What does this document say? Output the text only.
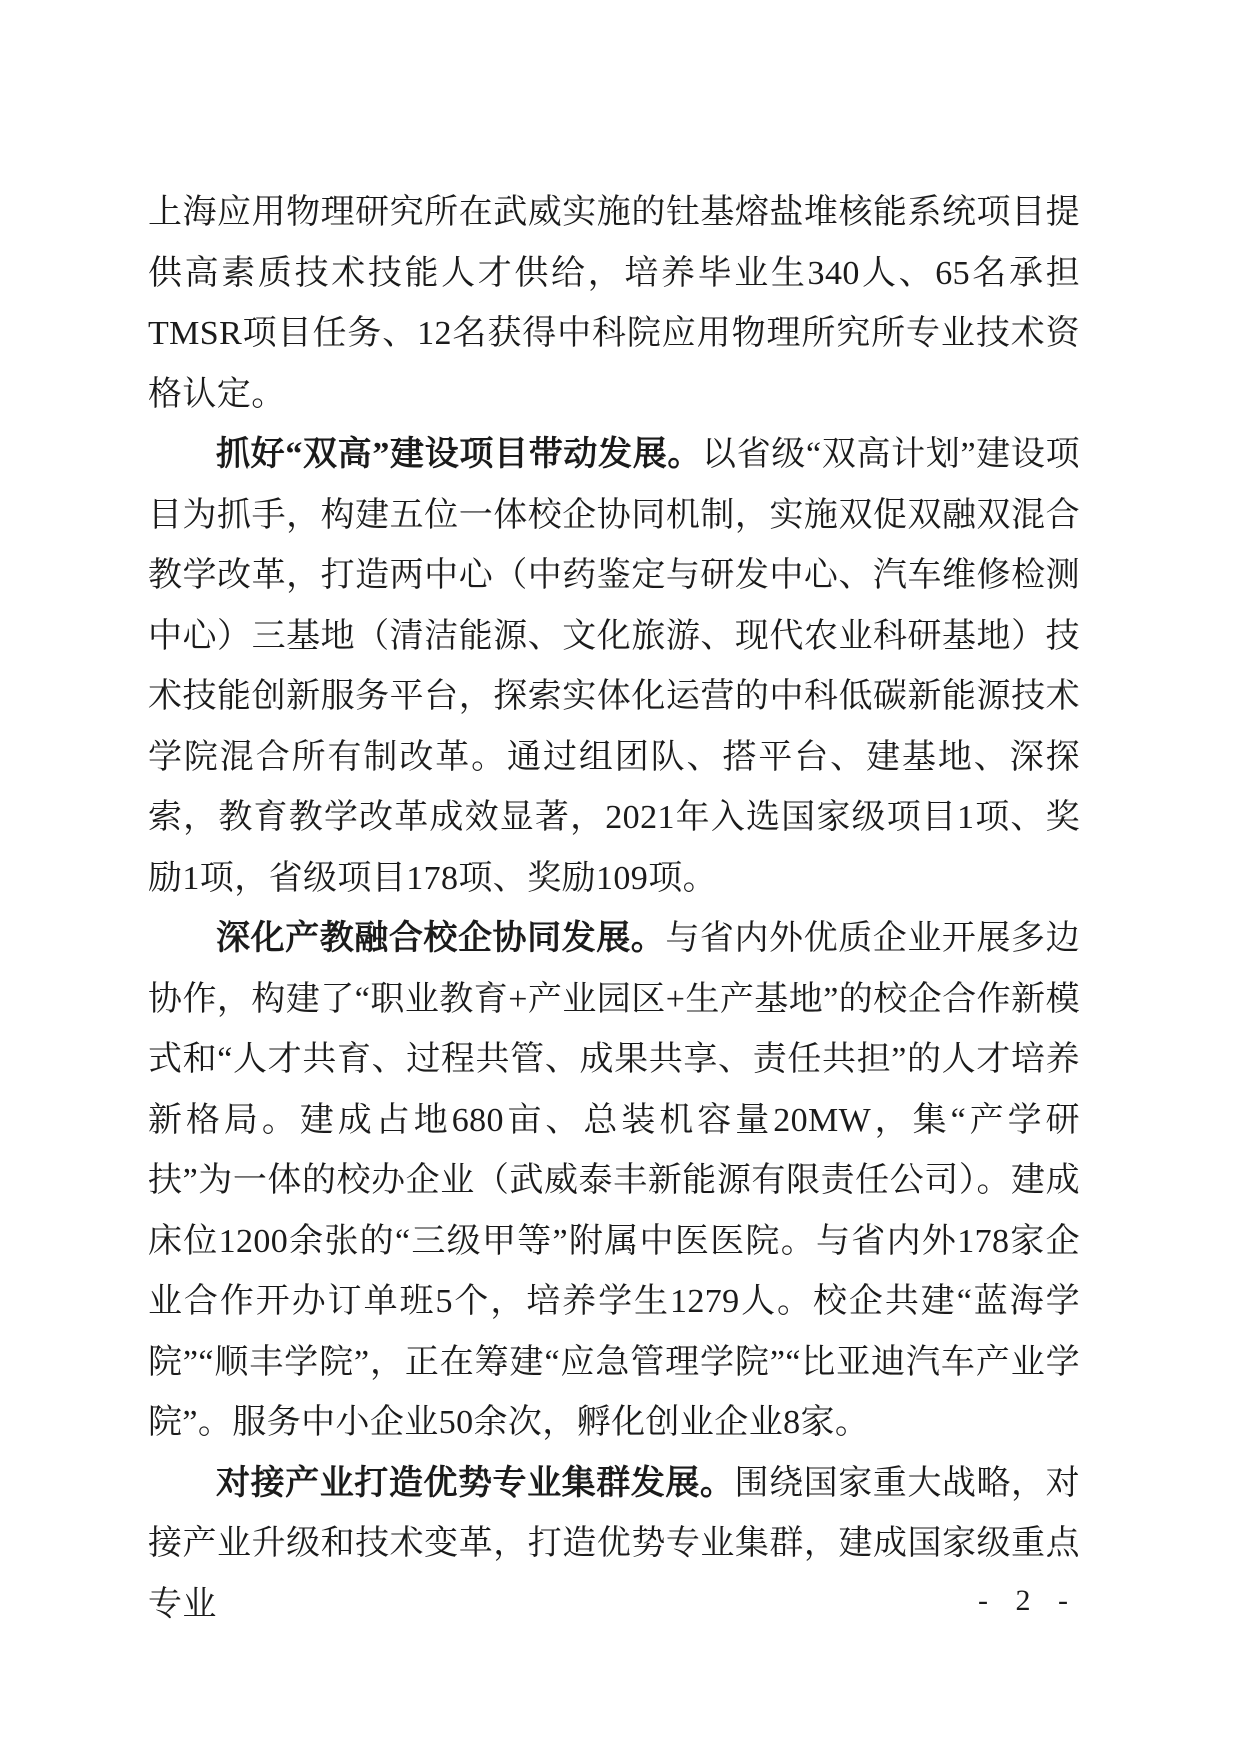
上海应用物理研究所在武威实施的钍基熔盐堆核能系统项目提供高素质技术技能人才供给，培养毕业生340人、65名承担TMSR项目任务、12名获得中科院应用物理所究所专业技术资格认定。

抓好“双高”建设项目带动发展。以省级“双高计划”建设项目为抓手，构建五位一体校企协同机制，实施双促双融双混合教学改革，打造两中心（中药鉴定与研发中心、汽车维修检测中心）三基地（清洁能源、文化旅游、现代农业科研基地）技术技能创新服务平台，探索实体化运营的中科低碳新能源技术学院混合所有制改革。通过组团队、搭平台、建基地、深探索，教育教学改革成效显著，2021年入选国家级项目1项、奖励1项，省级项目178项、奖励109项。

深化产教融合校企协同发展。与省内外优质企业开展多边协作，构建了“职业教育+产业园区+生产基地”的校企合作新模式和“人才共育、过程共管、成果共享、责任共担”的人才培养新格局。建成占地680亩、总装机容量20MW，集“产学研扶”为一体的校办企业（武威泰丰新能源有限责任公司）。建成床位1200余张的“三级甲等”附属中医医院。与省内外178家企业合作开办订单班5个，培养学生1279人。校企共建“蓝海学院”“顺丰学院”，正在筹建“应急管理学院”“比亚迪汽车产业学院”。服务中小企业50余次，孵化创业企业8家。

对接产业打造优势专业集群发展。围绕国家重大战略，对接产业升级和技术变革，打造优势专业集群，建成国家级重点专业	- 2 -
